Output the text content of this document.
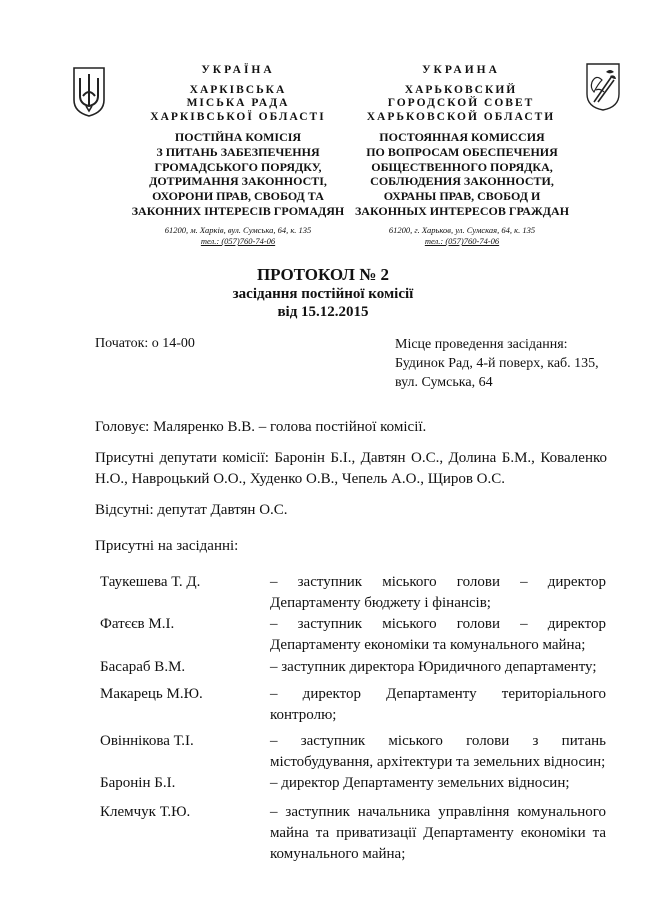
УКРАЇНА
ХАРКІВСЬКА
МІСЬКА РАДА
ХАРКІВСЬКОЇ ОБЛАСТІ
ПОСТІЙНА КОМІСІЯ
З ПИТАНЬ ЗАБЕЗПЕЧЕННЯ
ГРОМАДСЬКОГО ПОРЯДКУ,
ДОТРИМАННЯ ЗАКОННОСТІ,
ОХОРОНИ ПРАВ, СВОБОД ТА
ЗАКОННИХ ІНТЕРЕСІВ ГРОМАДЯН
61200, м. Харків, вул. Сумська, 64, к. 135
тел.: (057)760-74-06
УКРАИНА
ХАРЬКОВСКИЙ
ГОРОДСКОЙ СОВЕТ
ХАРЬКОВСКОЙ ОБЛАСТИ
ПОСТОЯННАЯ КОМИССИЯ
ПО ВОПРОСАМ ОБЕСПЕЧЕНИЯ
ОБЩЕСТВЕННОГО ПОРЯДКА,
СОБЛЮДЕНИЯ ЗАКОННОСТИ,
ОХРАНЫ ПРАВ, СВОБОД И
ЗАКОННЫХ ИНТЕРЕСОВ ГРАЖДАН
61200, г. Харьков, ул. Сумская, 64, к. 135
тел.: (057)760-74-06
ПРОТОКОЛ № 2
засідання постійної комісії
від 15.12.2015
Початок: о 14-00	Місце проведення засідання:
Будинок Рад, 4-й поверх, каб. 135,
вул. Сумська, 64
Головує: Маляренко В.В. – голова постійної комісії.
Присутні депутати комісії: Баронін Б.І., Давтян О.С., Долина Б.М., Коваленко Н.О., Навроцький О.О., Худенко О.В., Чепель А.О., Щиров О.С.
Відсутні: депутат Давтян О.С.
Присутні на засіданні:
Таукешева Т. Д.	– заступник міського голови – директор Департаменту бюджету і фінансів;
Фатєєв М.І.	– заступник міського голови – директор Департаменту економіки та комунального майна;
Басараб В.М.	– заступник директора Юридичного департаменту;
Макарець М.Ю.	– директор Департаменту територіального контролю;
Овіннікова Т.І.	– заступник міського голови з питань містобудування, архітектури та земельних відносин;
Баронін Б.І.	– директор Департаменту земельних відносин;
Клемчук Т.Ю.	– заступник начальника управління комунального майна та приватизації Департаменту економіки та комунального майна;
